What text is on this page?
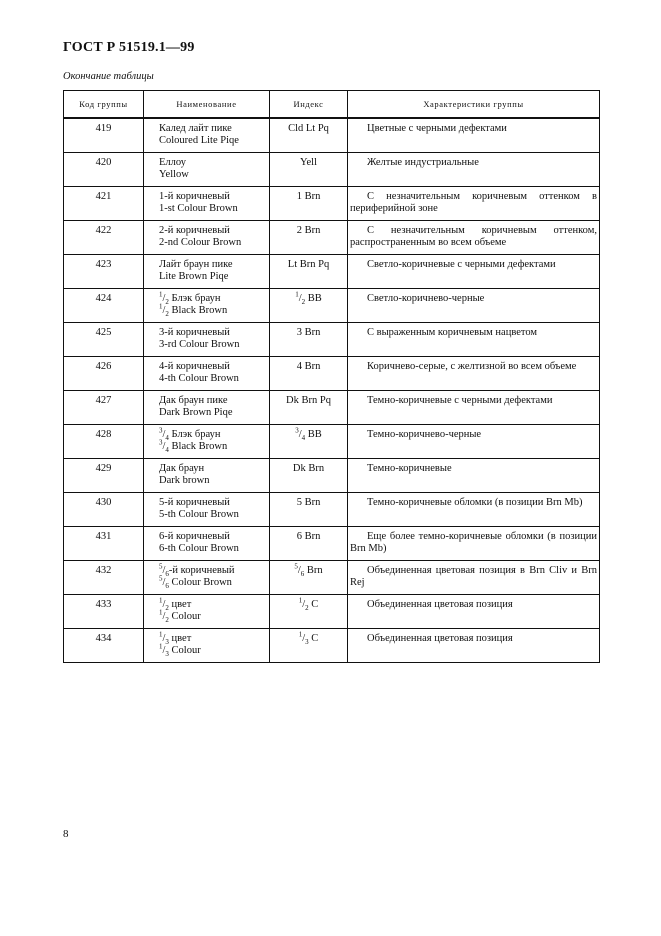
ГОСТ Р 51519.1—99
Окончание таблицы
Код группы	Наименование	Индекс	Характеристики группы
419	Калед лайт пике
Coloured Lite Piqe	Cld Lt Pq	Цветные с черными дефектами
420	Еллоу
Yellow	Yell	Желтые индустриальные
421	1-й коричневый
1-st Colour Brown	1 Brn	С незначительным коричневым оттенком в периферийной зоне
422	2-й коричневый
2-nd Colour Brown	2 Brn	С незначительным коричневым оттенком, распространенным во всем объеме
423	Лайт браун пике
Lite Brown Piqe	Lt Brn Pq	Светло-коричневые с черными дефектами
424	$^1/_2$ Блэк браун
$^1/_2$ Black Brown	$^1/_2$ BB	Светло-коричнево-черные
425	3-й коричневый
3-rd Colour Brown	3 Brn	С выраженным коричневым нацветом
426	4-й коричневый
4-th Colour Brown	4 Brn	Коричнево-серые, с желтизной во всем объеме
427	Дак браун пике
Dark Brown Piqe	Dk Brn Pq	Темно-коричневые с черными дефектами
428	$^3/_4$ Блэк браун
$^3/_4$ Black Brown	$^3/_4$ BB	Темно-коричнево-черные
429	Дак браун
Dark brown	Dk Brn	Темно-коричневые
430	5-й коричневый
5-th Colour Brown	5 Brn	Темно-коричневые обломки (в позиции Brn Mb)
431	6-й коричневый
6-th Colour Brown	6 Brn	Еще более темно-коричневые обломки (в позиции Brn Mb)
432	$^5/_6-й$ коричневый
$^5/_6$ Colour Brown	$^5/_6$ Brn	Объединенная цветовая позиция в Brn Cliv и Brn Rej
433	$^1/_2$ цвет
$^1/_2$ Colour	$^1/_2$ C	Объединенная цветовая позиция
434	$^1/_3$ цвет
$^1/_3$ Colour	$^1/_3$ C	Объединенная цветовая позиция
8
